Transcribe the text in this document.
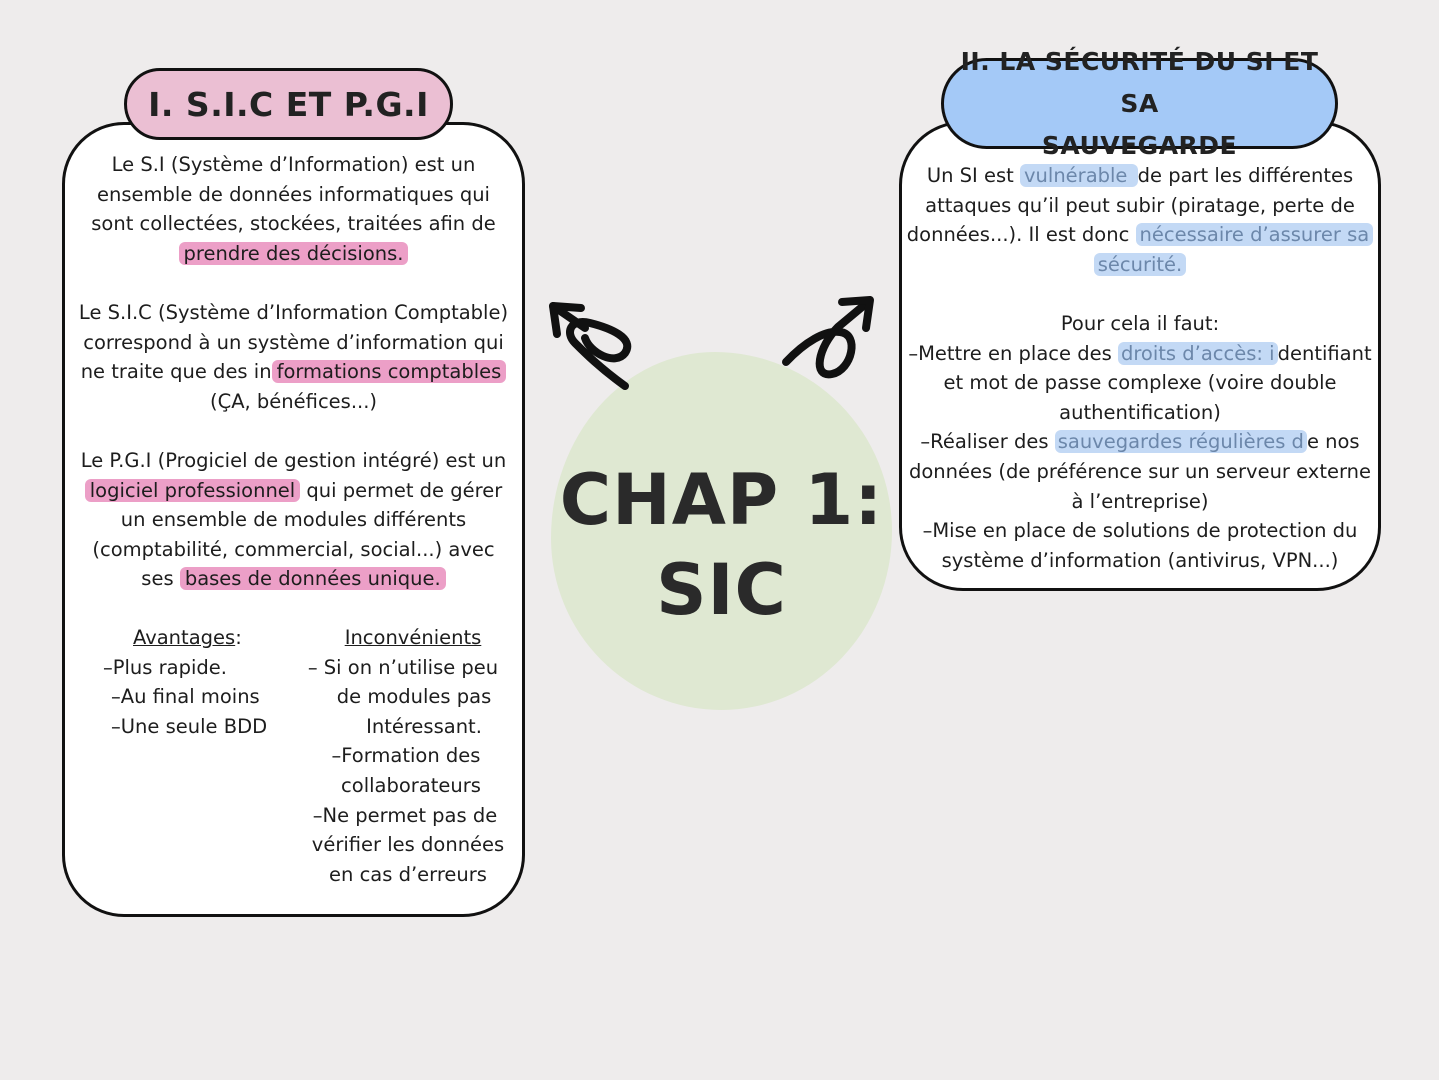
CHAP 1:
SIC

Le S.I (Système d’Information) est un
ensemble de données informatiques qui
sont collectées, stockées, traitées afin de
prendre des décisions.

Le S.I.C (Système d’Information Comptable)
correspond à un système d’information qui
ne traite que des in formations comptables
(ÇA, bénéfices...)

Le P.G.I (Progiciel de gestion intégré) est un
logiciel professionnel qui permet de gérer
un ensemble de modules différents
(comptabilité, commercial, social...) avec
ses bases de données unique.

Avantages:
–Plus rapide.
–Au final moins
–Une seule BDD
Inconvénients
– Si on n’utilise peu
de modules pas
Intéressant.
–Formation des
collaborateurs
–Ne permet pas de
vérifier les données
en cas d’erreurs
I. S.I.C ET P.G.I

Un SI est vulnérable de part les différentes
attaques qu’il peut subir (piratage, perte de
données...). Il est donc nécessaire d’assurer sa
sécurité.

Pour cela il faut:
–Mettre en place des droits d’accès: i dentifiant
et mot de passe complexe (voire double
authentification)
–Réaliser des sauvegardes régulières d e nos
données (de préférence sur un serveur externe
à l’entreprise)
–Mise en place de solutions de protection du
système d’information (antivirus, VPN...)

II. LA SÉCURITÉ DU SI ET SA
SAUVEGARDE
